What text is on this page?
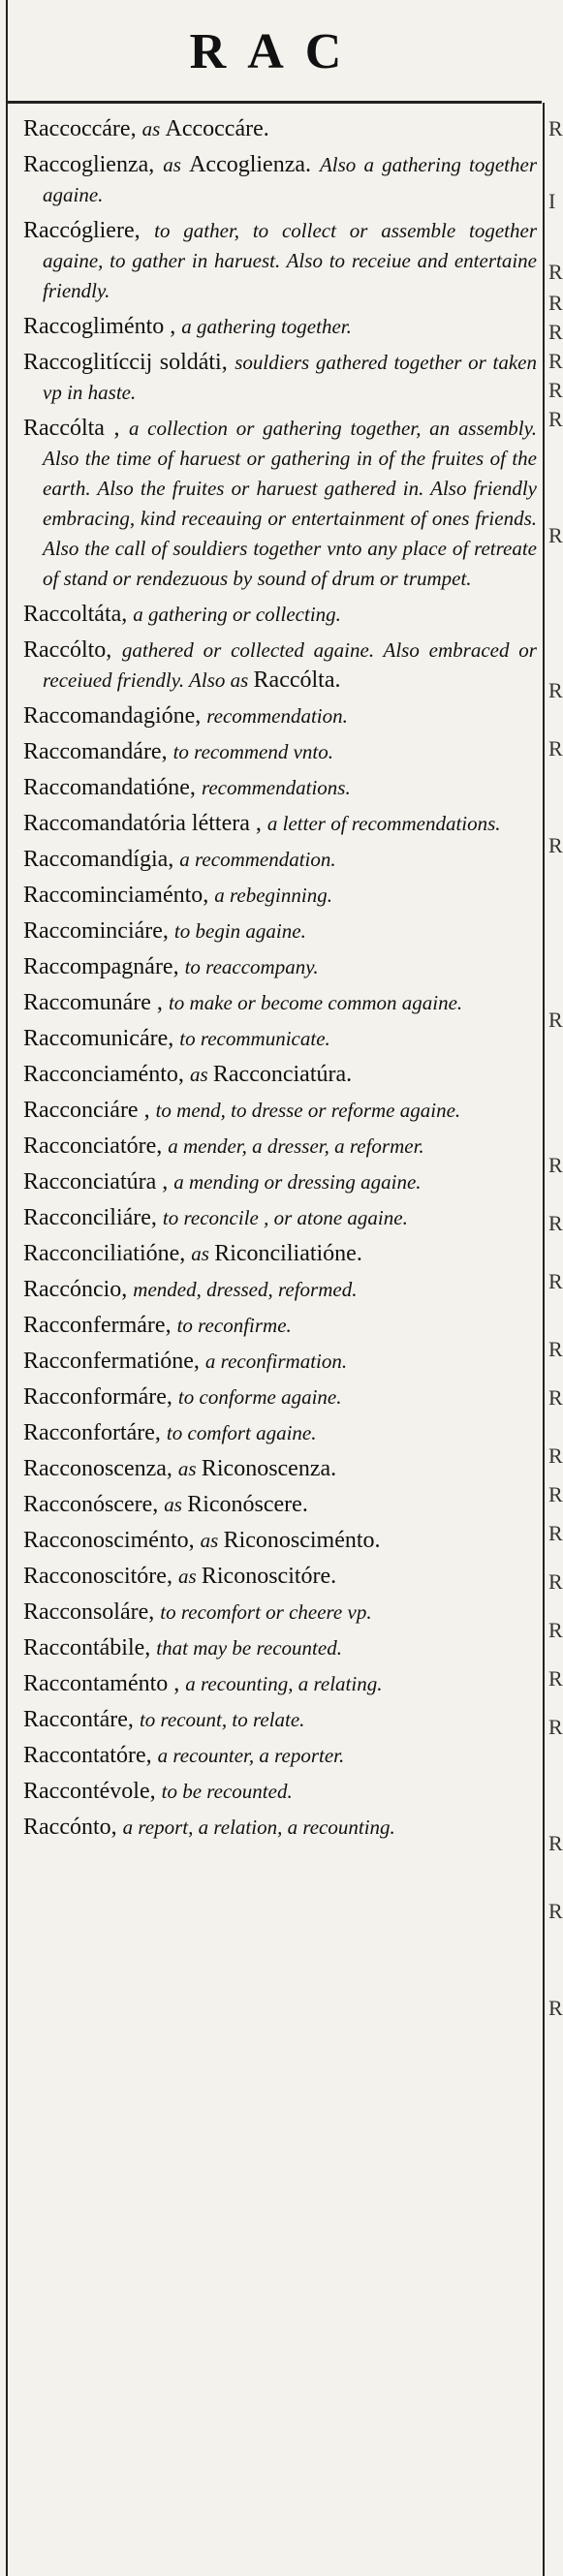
RAC
R
I
R
R
R
R
R
R
R
R
R
R
R
R
R
R
R
R
R
R
R
R
R
R
R
R
R
R

Raccoccáre, as Accoccáre.

Raccoglienza, as Accoglienza. Also a gathering together againe.

Raccógliere, to gather, to collect or assemble together againe, to gather in haruest. Also to receiue and entertaine friendly.

Raccogliménto , a gathering together.

Raccoglitíccij soldáti, souldiers gathered together or taken vp in haste.

Raccólta , a collection or gathering together, an assembly. Also the time of haruest or gathering in of the fruites of the earth. Also the fruites or haruest gathered in. Also friendly embracing, kind receauing or entertainment of ones friends. Also the call of souldiers together vnto any place of retreate of stand or rendezuous by sound of drum or trumpet.

Raccoltáta, a gathering or collecting.

Raccólto, gathered or collected againe. Also embraced or receiued friendly. Also as Raccólta.

Raccomandagióne, recommendation.

Raccomandáre, to recommend vnto.

Raccomandatióne, recommendations.

Raccomandatória léttera , a letter of recommendations.

Raccomandígia, a recommendation.

Raccominciaménto, a rebeginning.

Raccominciáre, to begin againe.

Raccompagnáre, to reaccompany.

Raccomunáre , to make or become common againe.

Raccomunicáre, to recommunicate.

Racconciaménto, as Racconciatúra.

Racconciáre , to mend, to dresse or reforme againe.

Racconciatóre, a mender, a dresser, a reformer.

Racconciatúra , a mending or dressing againe.

Racconciliáre, to reconcile , or atone againe.

Racconciliatióne, as Riconciliatióne.

Raccóncio, mended, dressed, reformed.

Racconfermáre, to reconfirme.

Racconfermatióne, a reconfirmation.

Racconformáre, to conforme againe.

Racconfortáre, to comfort againe.

Racconoscenza, as Riconoscenza.

Racconóscere, as Riconóscere.

Racconosciménto, as Riconosciménto.

Racconoscitóre, as Riconoscitóre.

Racconsoláre, to recomfort or cheere vp.

Raccontábile, that may be recounted.

Raccontaménto , a recounting, a relating.

Raccontáre, to recount, to relate.

Raccontatóre, a recounter, a reporter.

Raccontévole, to be recounted.

Raccónto, a report, a relation, a recounting.
